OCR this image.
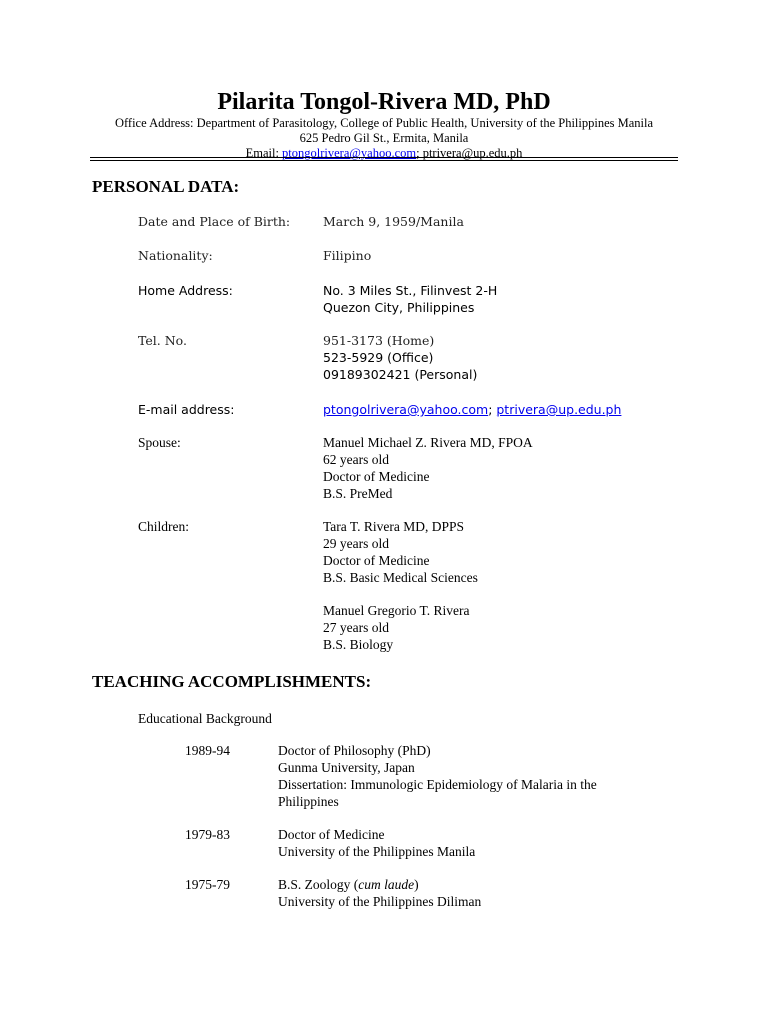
Pilarita Tongol-Rivera MD, PhD
Office Address: Department of Parasitology, College of Public Health, University of the Philippines Manila
625 Pedro Gil St., Ermita, Manila
Email: ptongolrivera@yahoo.com; ptrivera@up.edu.ph
PERSONAL DATA:
Date and Place of Birth:	March 9, 1959/Manila
Nationality:	Filipino
Home Address:	No. 3 Miles St., Filinvest 2-H
Quezon City, Philippines
Tel. No.	951-3173 (Home)
523-5929 (Office)
09189302421 (Personal)
E-mail address:	ptongolrivera@yahoo.com; ptrivera@up.edu.ph
Spouse:	Manuel Michael Z. Rivera MD, FPOA
62 years old
Doctor of Medicine
B.S. PreMed
Children:	Tara T. Rivera MD, DPPS
29 years old
Doctor of Medicine
B.S. Basic Medical Sciences
Manuel Gregorio T. Rivera
27 years old
B.S. Biology
TEACHING ACCOMPLISHMENTS:
Educational Background
1989-94	Doctor of Philosophy (PhD)
Gunma University, Japan
Dissertation: Immunologic Epidemiology of Malaria in the
Philippines
1979-83	Doctor of Medicine
University of the Philippines Manila
1975-79	B.S. Zoology (cum laude)
University of the Philippines Diliman
